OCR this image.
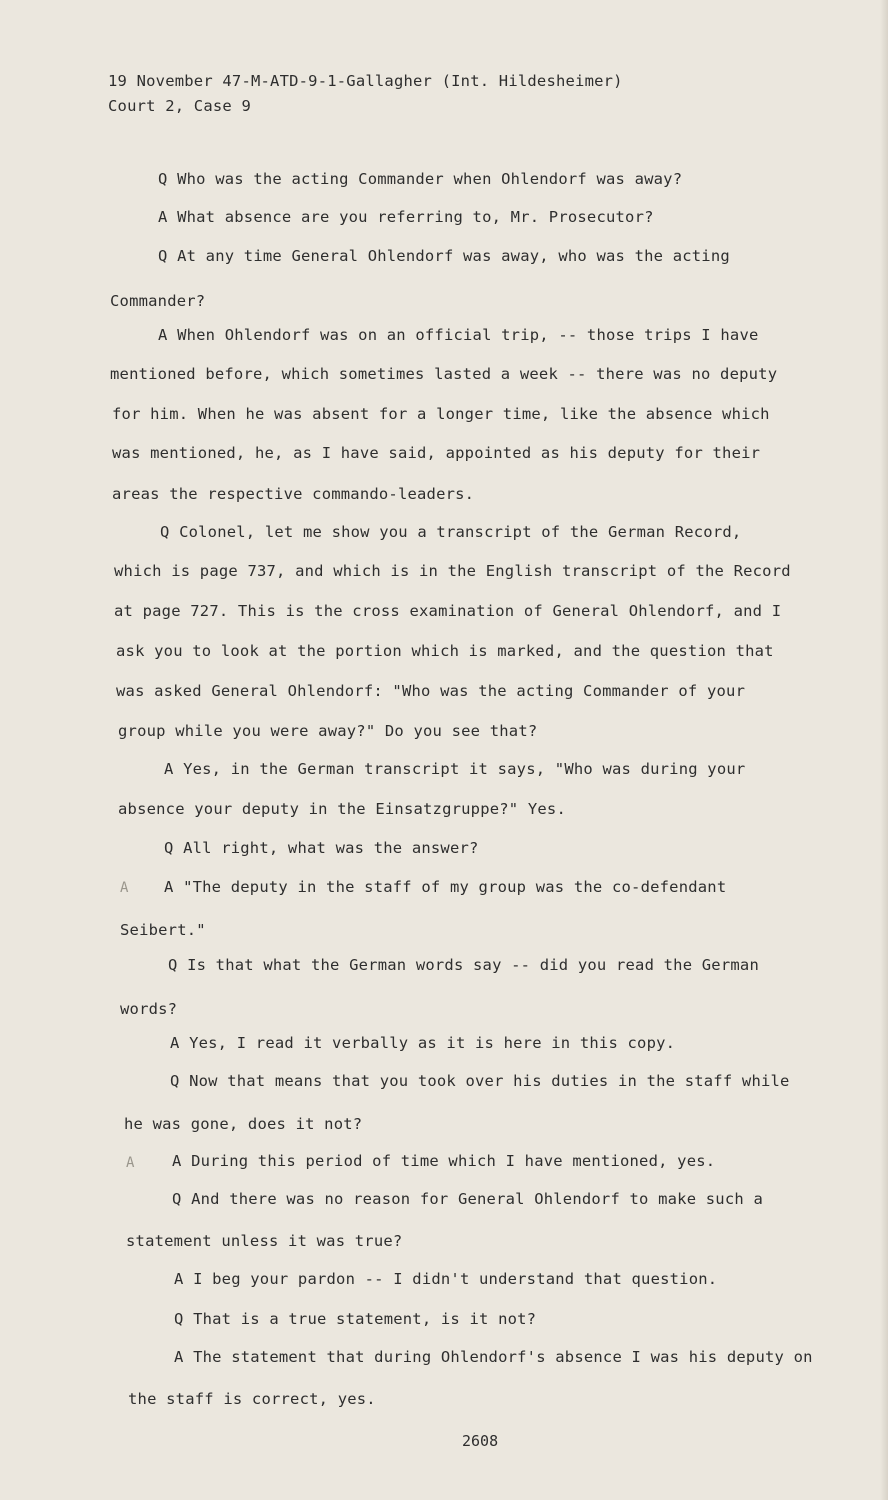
19 November 47-M-ATD-9-1-Gallagher (Int. Hildesheimer)
Court 2, Case 9
Q Who was the acting Commander when Ohlendorf was away?
A What absence are you referring to, Mr. Prosecutor?
Q At any time General Ohlendorf was away, who was the acting
Commander?
A When Ohlendorf was on an official trip, -- those trips I have
mentioned before, which sometimes lasted a week -- there was no deputy
for him. When he was absent for a longer time, like the absence which
was mentioned, he, as I have said, appointed as his deputy for their
areas the respective commando-leaders.
Q Colonel, let me show you a transcript of the German Record,
which is page 737, and which is in the English transcript of the Record
at page 727. This is the cross examination of General Ohlendorf, and I
ask you to look at the portion which is marked, and the question that
was asked General Ohlendorf: "Who was the acting Commander of your
group while you were away?" Do you see that?
A Yes, in the German transcript it says, "Who was during your
absence your deputy in the Einsatzgruppe?" Yes.
Q All right, what was the answer?
A "The deputy in the staff of my group was the co-defendant
Seibert."
Q Is that what the German words say -- did you read the German
words?
A Yes, I read it verbally as it is here in this copy.
Q Now that means that you took over his duties in the staff while
he was gone, does it not?
A During this period of time which I have mentioned, yes.
Q And there was no reason for General Ohlendorf to make such a
statement unless it was true?
A I beg your pardon -- I didn't understand that question.
Q That is a true statement, is it not?
A The statement that during Ohlendorf's absence I was his deputy on
the staff is correct, yes.
A
A
2608
